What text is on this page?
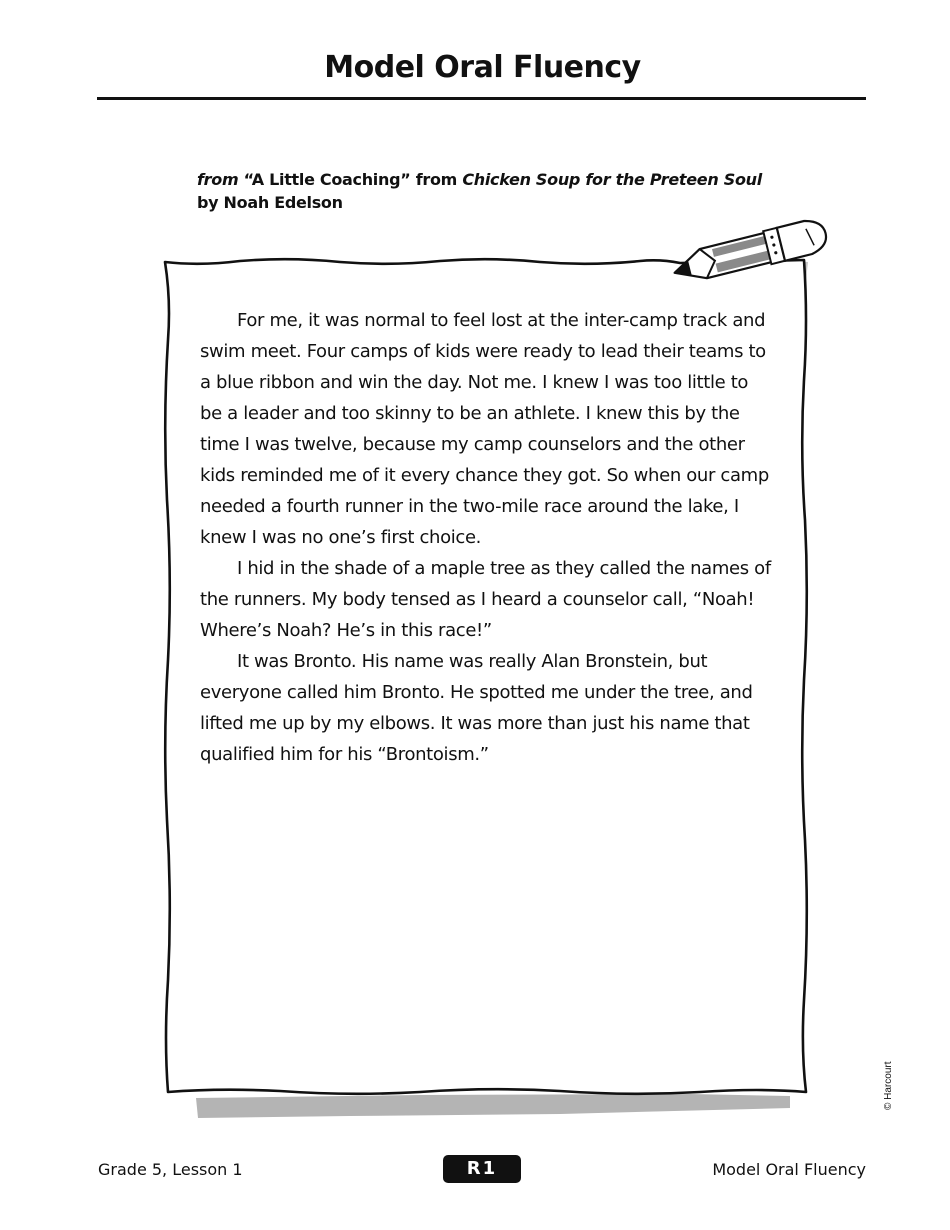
Model Oral Fluency
from “A Little Coaching” from Chicken Soup for the Preteen Soul
by Noah Edelson

For me, it was normal to feel lost at the inter-camp track and swim meet. Four camps of kids were ready to lead their teams to a blue ribbon and win the day. Not me. I knew I was too little to be a leader and too skinny to be an athlete. I knew this by the time I was twelve, because my camp counselors and the other kids reminded me of it every chance they got. So when our camp needed a fourth runner in the two-mile race around the lake, I knew I was no one’s first choice.

I hid in the shade of a maple tree as they called the names of the runners. My body tensed as I heard a counselor call, “Noah! Where’s Noah? He’s in this race!”

It was Bronto. His name was really Alan Bronstein, but everyone called him Bronto. He spotted me under the tree, and lifted me up by my elbows. It was more than just his name that qualified him for his “Brontoism.”

© Harcourt
Grade 5, Lesson 1	R1	Model Oral Fluency
